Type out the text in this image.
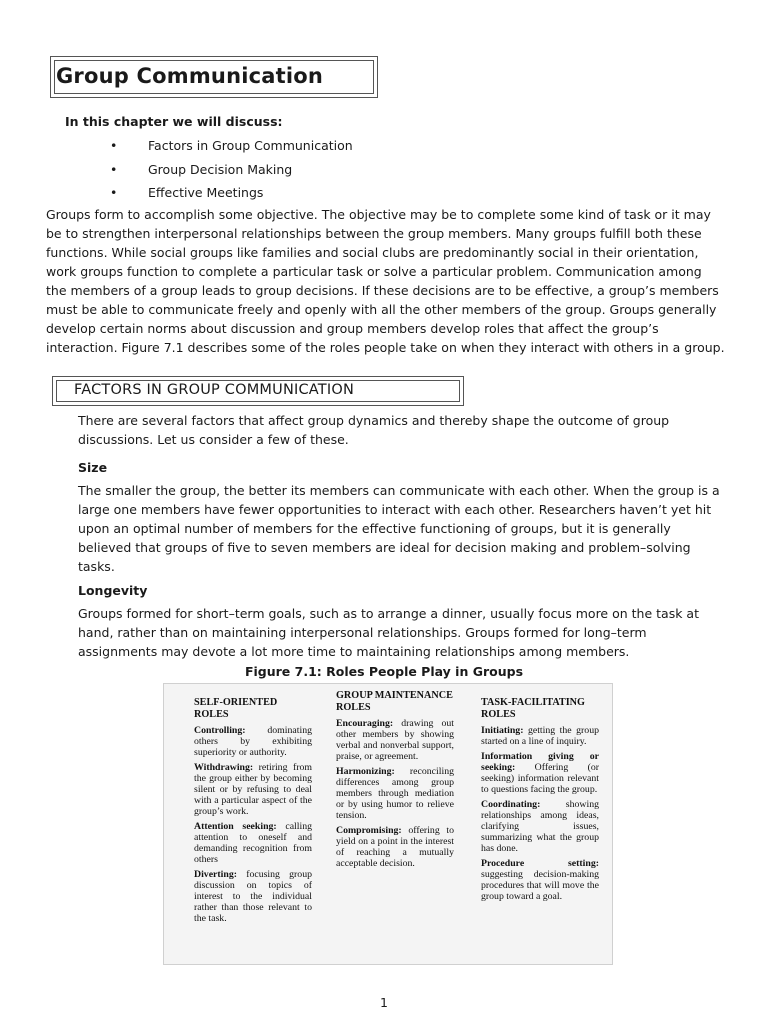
Group Communication
In this chapter we will discuss:
• Factors in Group Communication
• Group Decision Making
• Effective Meetings

Groups form to accomplish some objective. The objective may be to complete some kind of task or it may be to strengthen interpersonal relationships between the group members. Many groups fulfill both these functions. While social groups like families and social clubs are predominantly social in their orientation, work groups function to complete a particular task or solve a particular problem. Communication among the members of a group leads to group decisions. If these decisions are to be effective, a group’s members must be able to communicate freely and openly with all the other members of the group. Groups generally develop certain norms about discussion and group members develop roles that affect the group’s interaction. Figure 7.1 describes some of the roles people take on when they interact with others in a group.

FACTORS IN GROUP COMMUNICATION

There are several factors that affect group dynamics and thereby shape the outcome of group discussions. Let us consider a few of these.

Size

The smaller the group, the better its members can communicate with each other. When the group is a large one members have fewer opportunities to interact with each other. Researchers haven’t yet hit upon an optimal number of members for the effective functioning of groups, but it is generally believed that groups of five to seven members are ideal for decision making and problem–solving tasks.

Longevity

Groups formed for short–term goals, such as to arrange a dinner, usually focus more on the task at hand, rather than on maintaining interpersonal relationships. Groups formed for long–term assignments may devote a lot more time to maintaining relationships among members.

Figure 7.1: Roles People Play in Groups
SELF-ORIENTED ROLES
Controlling: dominating others by exhibiting superiority or authority.
Withdrawing: retiring from the group either by becoming silent or by refusing to deal with a particular aspect of the group’s work.
Attention seeking: calling attention to oneself and demanding recognition from others
Diverting: focusing group discussion on topics of interest to the individual rather than those relevant to the task.
GROUP MAINTENANCE ROLES
Encouraging: drawing out other members by showing verbal and nonverbal support, praise, or agreement.
Harmonizing: reconciling differences among group members through mediation or by using humor to relieve tension.
Compromising: offering to yield on a point in the interest of reaching a mutually acceptable decision.
TASK-FACILITATING ROLES
Initiating: getting the group started on a line of inquiry.
Information giving or seeking: Offering (or seeking) information relevant to questions facing the group.
Coordinating: showing relationships among ideas, clarifying issues, summarizing what the group has done.
Procedure setting: suggesting decision-making procedures that will move the group toward a goal.
1
